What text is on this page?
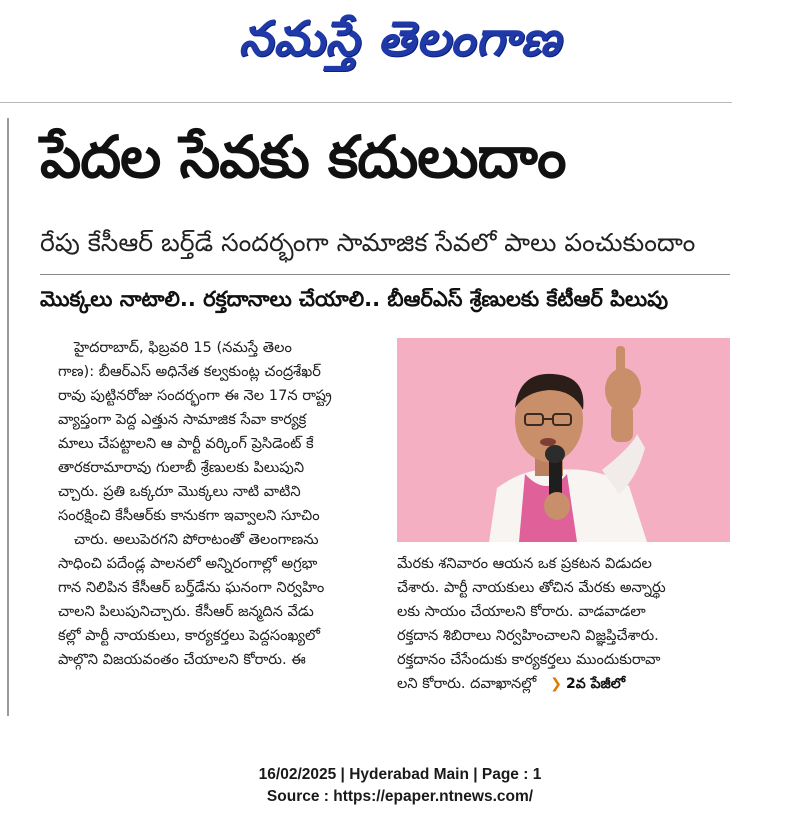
నమస్తే తెలంగాణ
పేదల సేవకు కదులుదాం
రేపు కేసీఆర్ బర్త్‌డే సందర్భంగా సామాజిక సేవలో పాలు పంచుకుందాం
మొక్కలు నాటాలి.. రక్తదానాలు చేయాలి.. బీఆర్ఎస్ శ్రేణులకు కేటీఆర్ పిలుపు
హైదరాబాద్, ఫిబ్రవరి 15 (నమస్తే తెలం
గాణ): బీఆర్ఎస్ అధినేత కల్వకుంట్ల చంద్రశేఖర్
రావు పుట్టినరోజు సందర్భంగా ఈ నెల 17న రాష్ట్ర
వ్యాప్తంగా పెద్ద ఎత్తున సామాజిక సేవా కార్యక్ర
మాలు చేపట్టాలని ఆ పార్టీ వర్కింగ్ ప్రెసిడెంట్ కే
తారకరామారావు గులాబీ శ్రేణులకు పిలుపుని
చ్చారు. ప్రతి ఒక్కరూ మొక్కలు నాటి వాటిని
సంరక్షించి కేసీఆర్‌కు కానుకగా ఇవ్వాలని సూచిం
చారు. అలుపెరగని పోరాటంతో తెలంగాణను
సాధించి పదేండ్ల పాలనలో అన్నిరంగాల్లో అగ్రభా
గాన నిలిపిన కేసీఆర్ బర్త్‌డేను ఘనంగా నిర్వహిం
చాలని పిలుపునిచ్చారు. కేసీఆర్ జన్మదిన వేడు
కల్లో పార్టీ నాయకులు, కార్యకర్తలు పెద్దసంఖ్యలో
పాల్గొని విజయవంతం చేయాలని కోరారు. ఈ
మేరకు శనివారం ఆయన ఒక ప్రకటన విడుదల
చేశారు. పార్టీ నాయకులు తోచిన మేరకు అన్నార్థు
లకు సాయం చేయాలని కోరారు. వాడవాడలా
రక్తదాన శిబిరాలు నిర్వహించాలని విజ్ఞప్తిచేశారు.
రక్తదానం చేసేందుకు కార్యకర్తలు ముందుకురావా
లని కోరారు. దవాఖానల్లో ❯ 2వ పేజీలో
16/02/2025 | Hyderabad Main | Page : 1
Source : https://epaper.ntnews.com/
